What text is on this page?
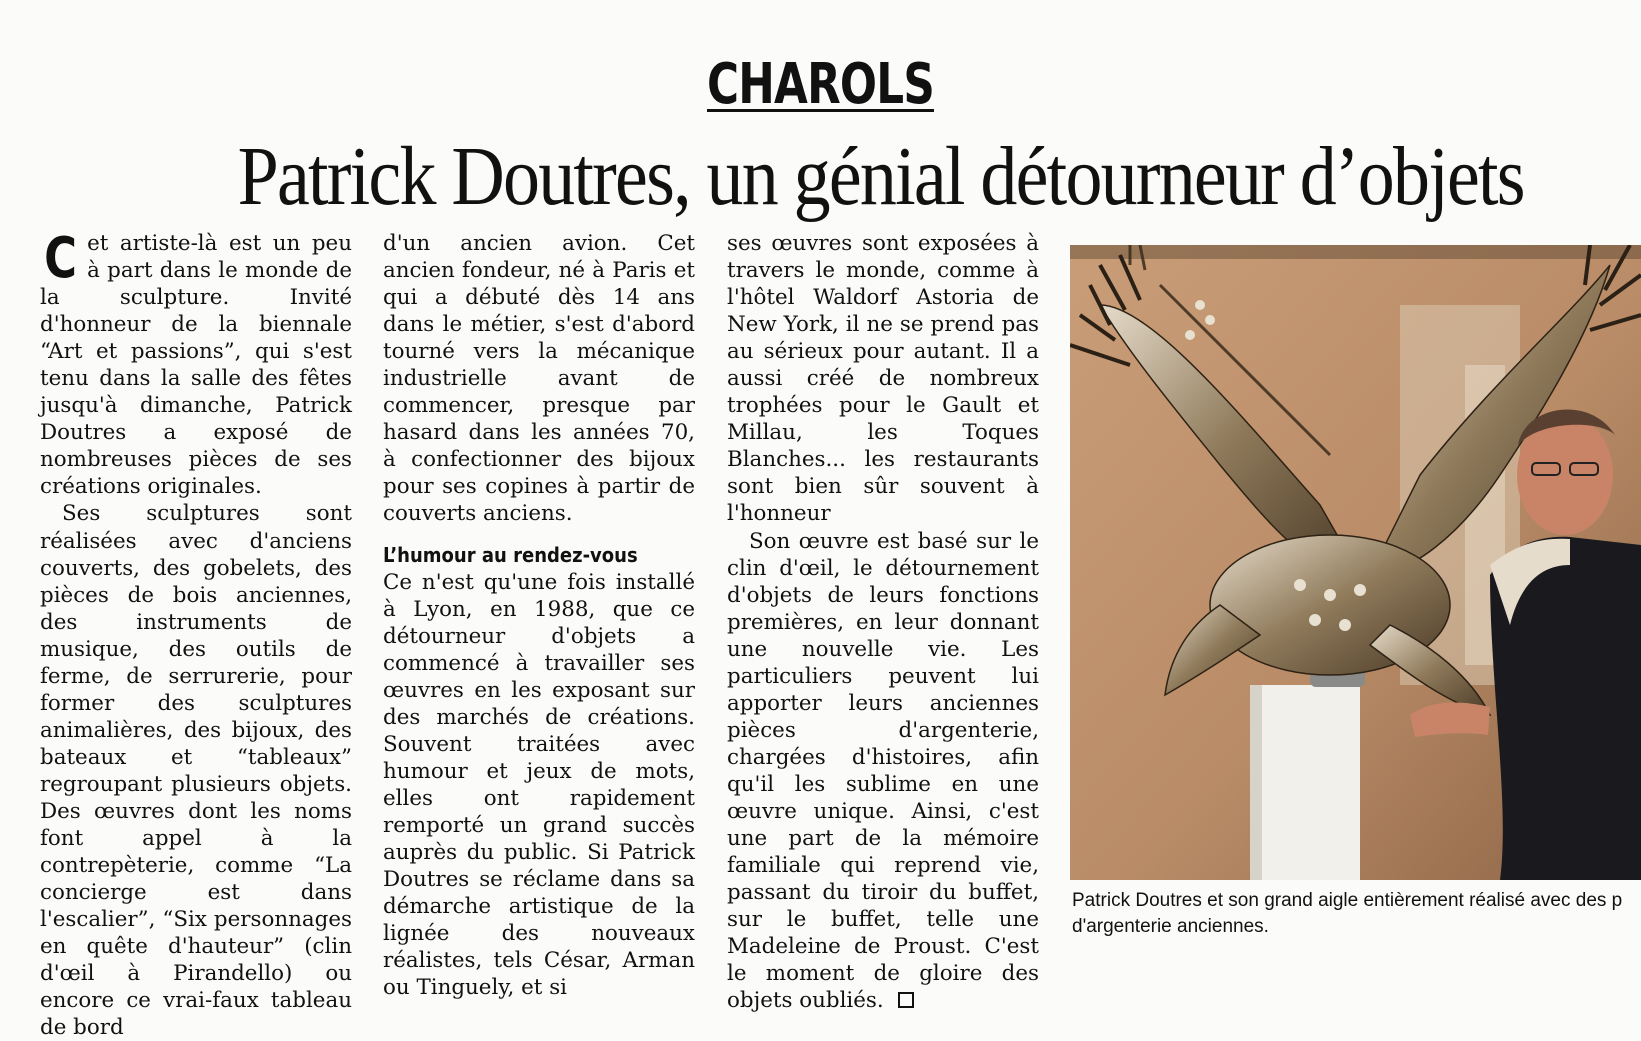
CHAROLS
Patrick Doutres, un génial détourneur d’objets

Cet artiste-là est un peu à part dans le monde de la sculpture. Invité d'honneur de la biennale “Art et passions”, qui s'est tenu dans la salle des fêtes jusqu'à dimanche, Patrick Doutres a exposé de nombreuses pièces de ses créations originales.

Ses sculptures sont réalisées avec d'anciens couverts, des gobelets, des pièces de bois anciennes, des instruments de musique, des outils de ferme, de serrurerie, pour former des sculptures animalières, des bijoux, des bateaux et “tableaux” regroupant plusieurs objets. Des œuvres dont les noms font appel à la contrepèterie, comme “La concierge est dans l'escalier”, “Six personnages en quête d'hauteur” (clin d'œil à Pirandello) ou encore ce vrai-faux tableau de bord

d'un ancien avion. Cet ancien fondeur, né à Paris et qui a débuté dès 14 ans dans le métier, s'est d'abord tourné vers la mécanique industrielle avant de commencer, presque par hasard dans les années 70, à confectionner des bijoux pour ses copines à partir de couverts anciens.

L’humour au rendez-vous

Ce n'est qu'une fois installé à Lyon, en 1988, que ce détourneur d'objets a commencé à travailler ses œuvres en les exposant sur des marchés de créations. Souvent traitées avec humour et jeux de mots, elles ont rapidement remporté un grand succès auprès du public. Si Patrick Doutres se réclame dans sa démarche artistique de la lignée des nouveaux réalistes, tels César, Arman ou Tinguely, et si

ses œuvres sont exposées à travers le monde, comme à l'hôtel Waldorf Astoria de New York, il ne se prend pas au sérieux pour autant. Il a aussi créé de nombreux trophées pour le Gault et Millau, les Toques Blanches... les restaurants sont bien sûr souvent à l'honneur

Son œuvre est basé sur le clin d'œil, le détournement d'objets de leurs fonctions premières, en leur donnant une nouvelle vie. Les particuliers peuvent lui apporter leurs anciennes pièces d'argenterie, chargées d'histoires, afin qu'il les sublime en une œuvre unique. Ainsi, c'est une part de la mémoire familiale qui reprend vie, passant du tiroir du buffet, sur le buffet, telle une Madeleine de Proust. C'est le moment de gloire des objets oubliés.

Patrick Doutres et son grand aigle entièrement réalisé avec des p
d'argenterie anciennes.
